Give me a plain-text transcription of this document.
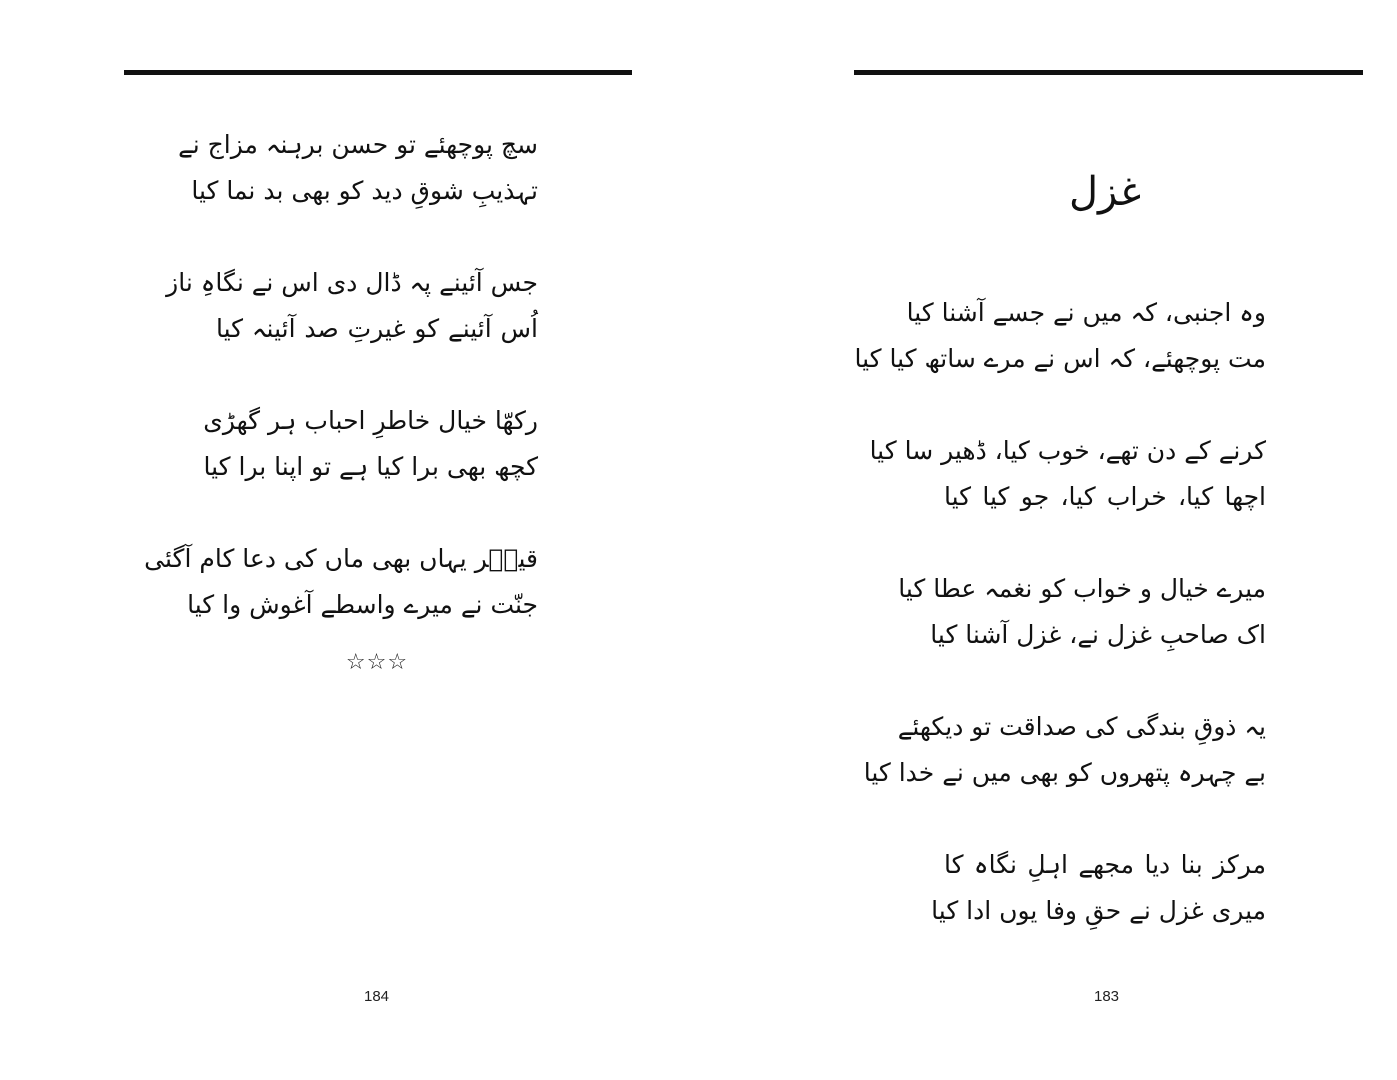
سچ پوچھئے تو حسن برہنہ مزاج نے
تہذیبِ شوقِ دید کو بھی بد نما کیا
جس آئینے پہ ڈال دی اس نے نگاہِ ناز
اُس آئینے کو غیرتِ صد آئینہ کیا
رکھّا خیال خاطرِ احباب ہر گھڑی
کچھ بھی برا کیا ہے تو اپنا برا کیا
قیصؔر یہاں بھی ماں کی دعا کام آگئی
جنّت نے میرے واسطے آغوش وا کیا
☆☆☆
184
غزل
وہ اجنبی، کہ میں نے جسے آشنا کیا
مت پوچھئے، کہ اس نے مرے ساتھ کیا کیا
کرنے کے دن تھے، خوب کیا، ڈھیر سا کیا
اچھا کیا، خراب کیا، جو کیا کیا
میرے خیال و خواب کو نغمہ عطا کیا
اک صاحبِ غزل نے، غزل آشنا کیا
یہ ذوقِ بندگی کی صداقت تو دیکھئے
بے چہرہ پتھروں کو بھی میں نے خدا کیا
مرکز بنا دیا مجھے اہلِ نگاہ کا
میری غزل نے حقِ وفا یوں ادا کیا
183
